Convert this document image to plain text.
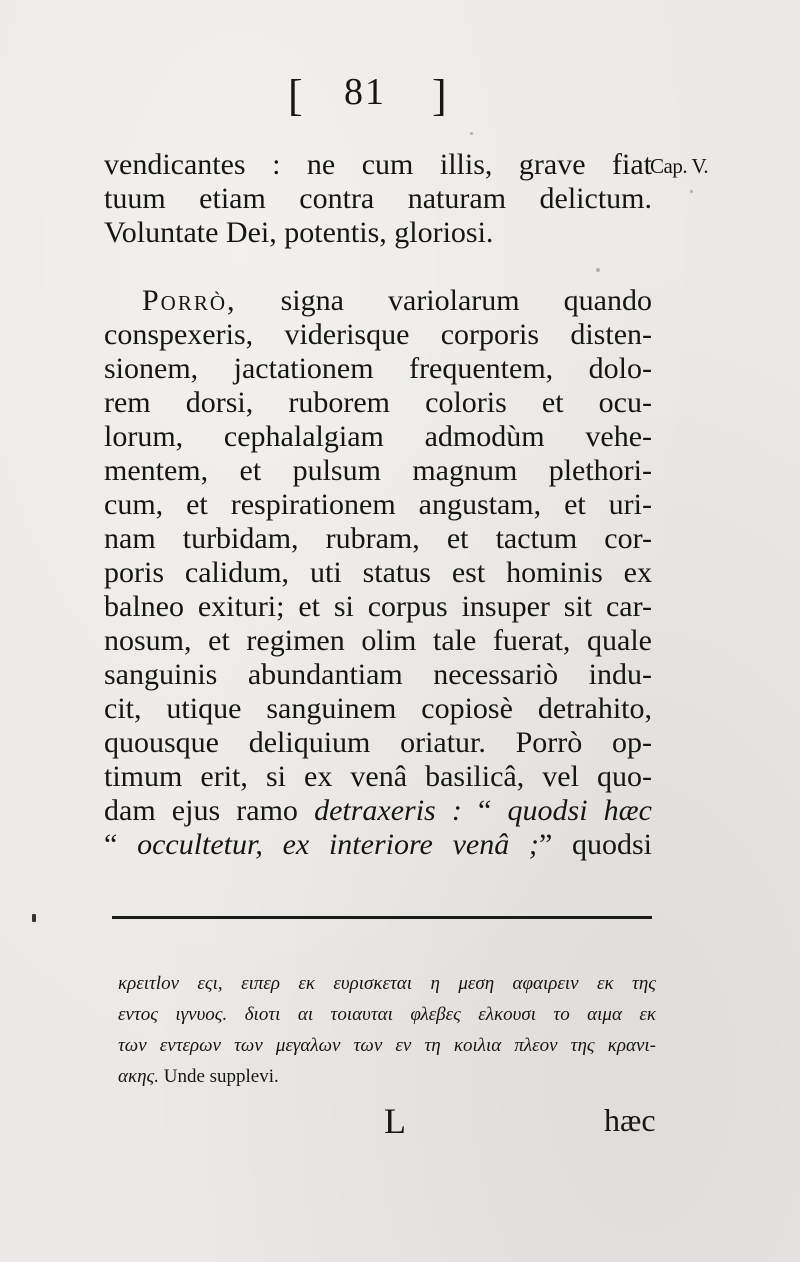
[ 81 ]
vendicantes : ne cum illis, grave fiat
tuum etiam contra naturam delictum.
Voluntate Dei, potentis, gloriosi.
Cap. V.
Porrò, signa variolarum quando
conspexeris, viderisque corporis disten-
sionem, jactationem frequentem, dolo-
rem dorsi, ruborem coloris et ocu-
lorum, cephalalgiam admodùm vehe-
mentem, et pulsum magnum plethori-
cum, et respirationem angustam, et uri-
nam turbidam, rubram, et tactum cor-
poris calidum, uti status est hominis ex
balneo exituri; et si corpus insuper sit car-
nosum, et regimen olim tale fuerat, quale
sanguinis abundantiam necessariò indu-
cit, utique sanguinem copiosè detrahito,
quousque deliquium oriatur. Porrò op-
timum erit, si ex venâ basilicâ, vel quo-
dam ejus ramo detraxeris : “ quodsi hæc
“ occultetur, ex interiore venâ ;” quodsi
κρειτlον εςι, ειπερ εκ ευρισκεται η μεση αφαιρειν εκ της
εντος ιγνυος. διοτι αι τοιαυται φλεβες ελκουσι το αιμα εκ
των εντερων των μεγαλων των εν τη κοιλια πλεον της κρανι-
ακης. Unde supplevi.
L	hæc
